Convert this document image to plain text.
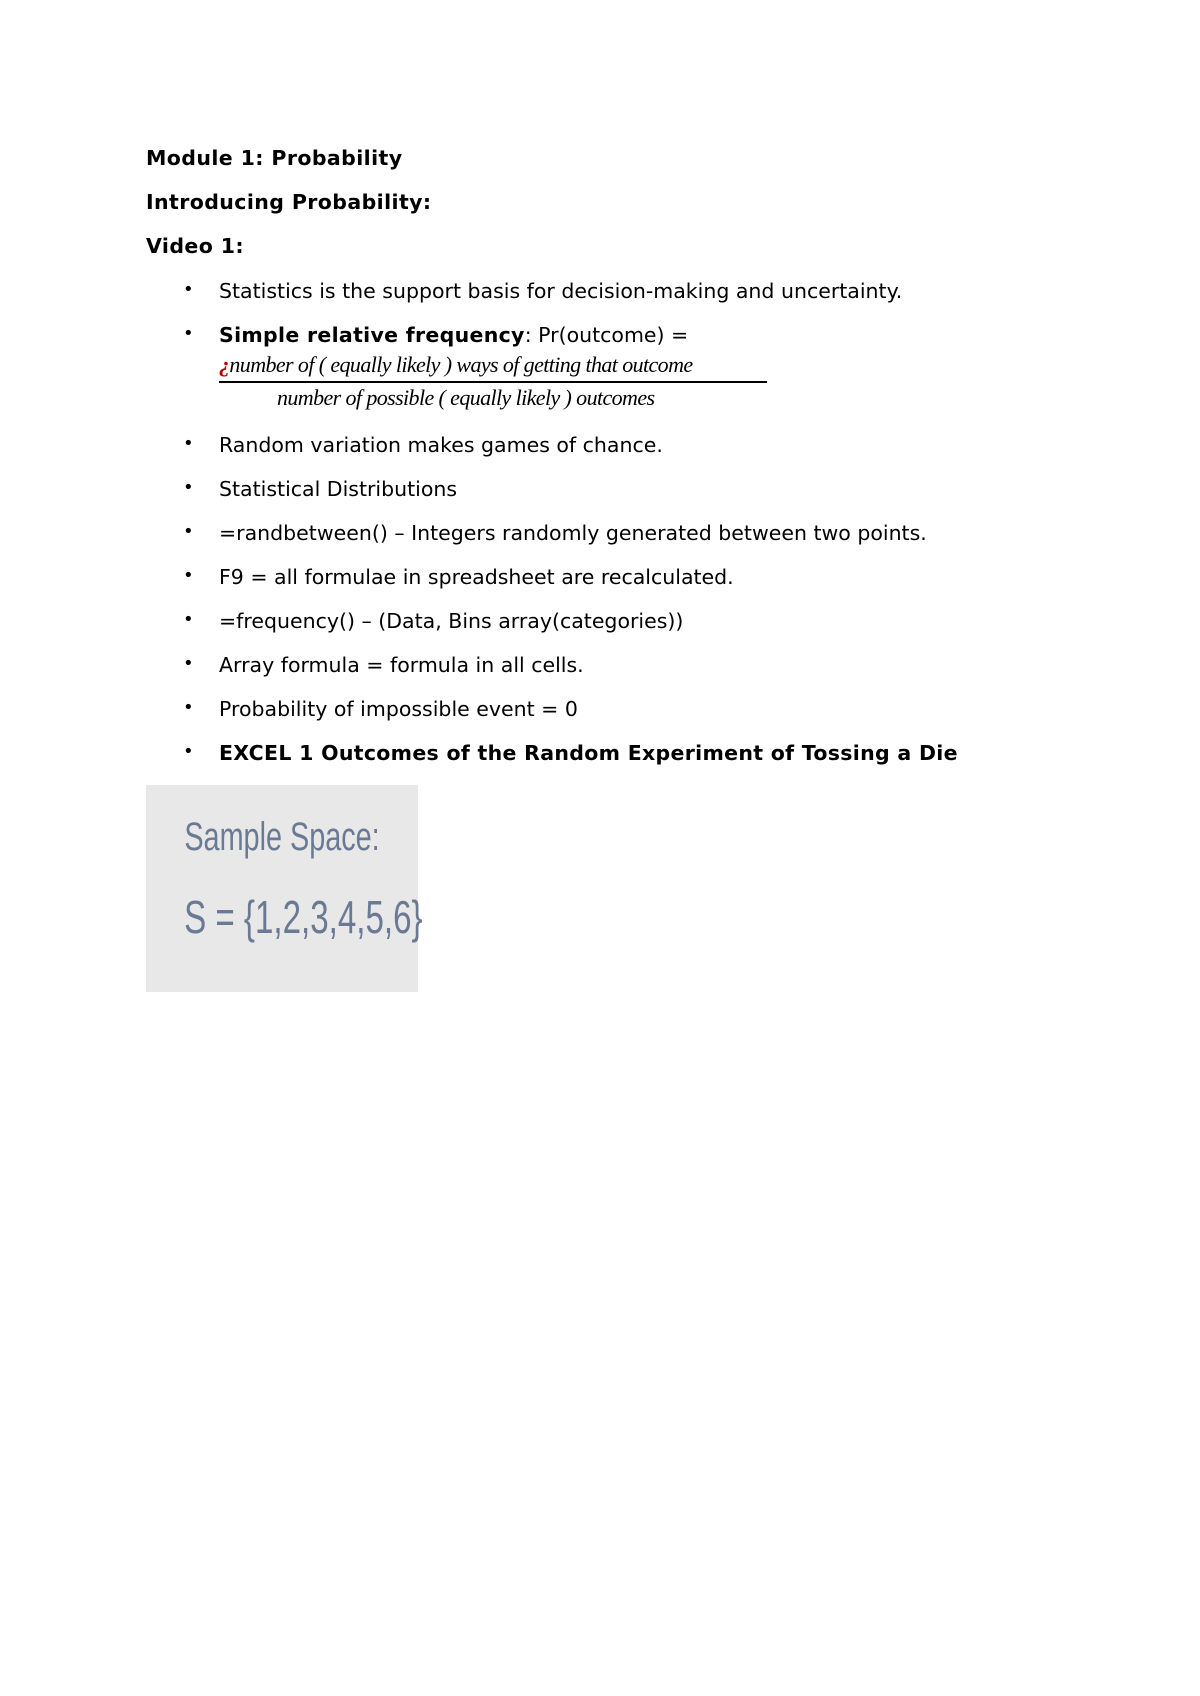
Module 1: Probability
Introducing Probability:
Video 1:
• Statistics is the support basis for decision-making and uncertainty.
• Simple relative frequency: Pr(outcome) =
¿number of ( equally likely ) ways of getting that outcome
number of possible ( equally likely ) outcomes
• Random variation makes games of chance.
• Statistical Distributions
• =randbetween() – Integers randomly generated between two points.
• F9 = all formulae in spreadsheet are recalculated.
• =frequency() – (Data, Bins array(categories))
• Array formula = formula in all cells.
• Probability of impossible event = 0
• EXCEL 1 Outcomes of the Random Experiment of Tossing a Die
Sample Space:
S = {1,2,3,4,5,6}
